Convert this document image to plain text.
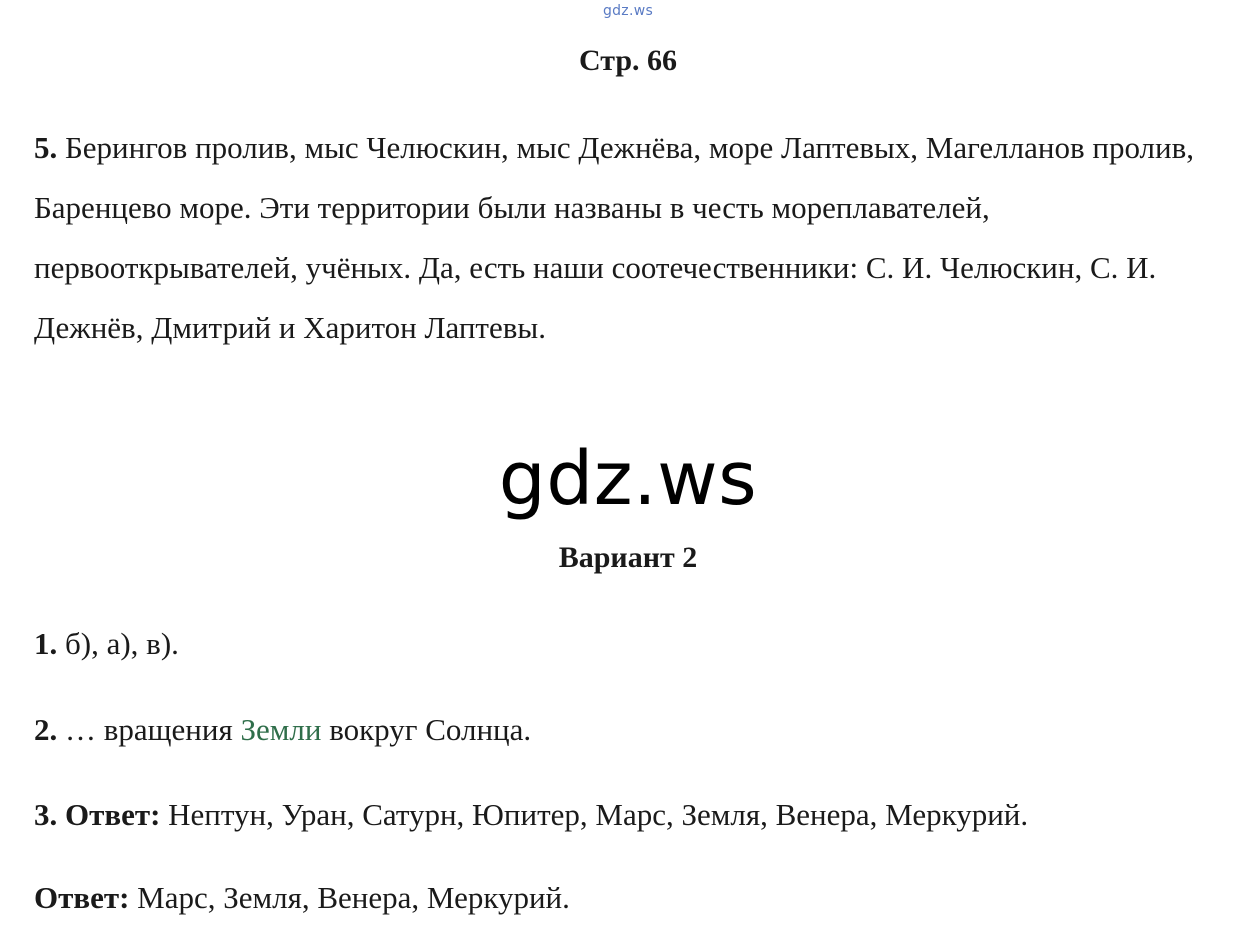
gdz.ws
Стр. 66

5. Берингов пролив, мыс Челюскин, мыс Дежнёва, море Лаптевых, Магелланов пролив, Баренцево море. Эти территории были названы в честь мореплавателей, первооткрывателей, учёных. Да, есть наши соотечественники: С. И. Челюскин, С. И. Дежнёв, Дмитрий и Харитон Лаптевы.

gdz.ws
Вариант 2
1. б), а), в).
2. … вращения Земли вокруг Солнца.
3. Ответ: Нептун, Уран, Сатурн, Юпитер, Марс, Земля, Венера, Меркурий.
Ответ: Марс, Земля, Венера, Меркурий.
